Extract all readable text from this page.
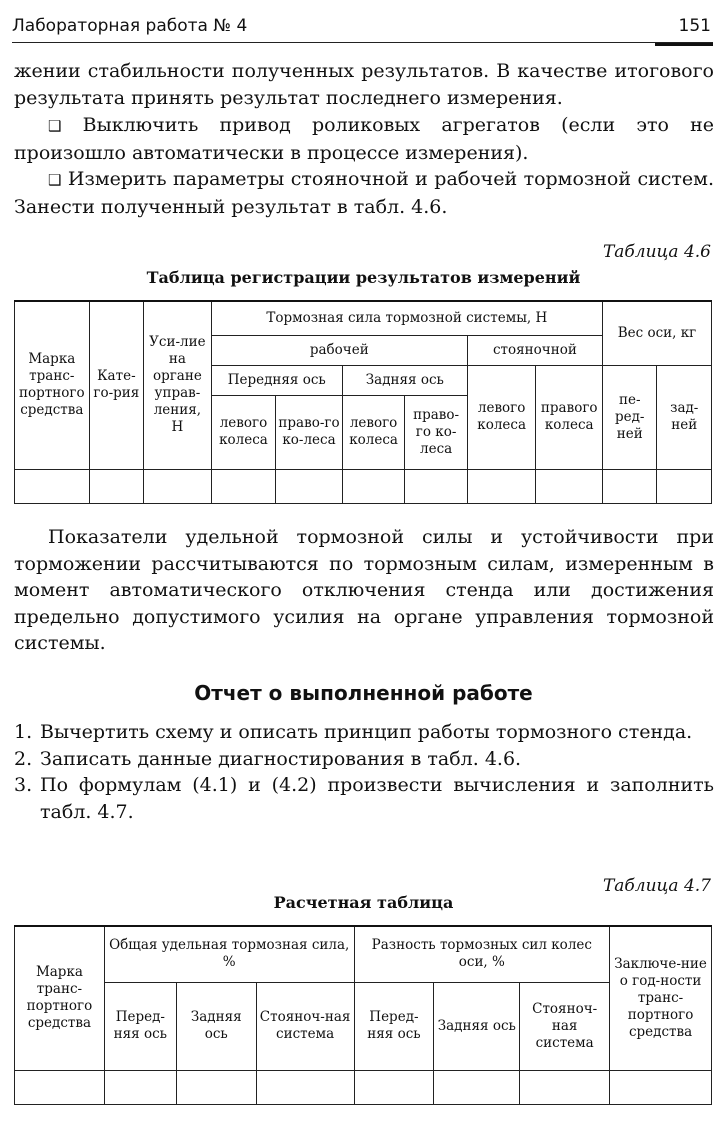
Лабораторная работа № 4	151

жении стабильности полученных результатов. В качестве итогового результата принять результат последнего измерения.

❑ Выключить привод роликовых агрегатов (если это не произошло автоматически в процессе измерения).

❑ Измерить параметры стояночной и рабочей тормозной систем. Занести полученный результат в табл. 4.6.

Таблица 4.6
Таблица регистрации результатов измерений
Марка транс-портного средства	Кате-го-рия	Уси-лие на органе управ-ления, Н	Тормозная сила тормозной системы, Н						Вес оси, кг	
			рабочей				стояночной			
			Передняя ось		Задняя ось		левого колеса	правого колеса	пе-ред-ней	зад-ней
			левого колеса	право-го ко-леса	левого колеса	право-го ко-леса				

Показатели удельной тормозной силы и устойчивости при торможении рассчитываются по тормозным силам, измеренным в момент автоматического отключения стенда или достижения предельно допустимого усилия на органе управления тормозной системы.

Отчет о выполненной работе
1. Вычертить схему и описать принцип работы тормозного стенда.
2. Записать данные диагностирования в табл. 4.6.
3. По формулам (4.1) и (4.2) произвести вычисления и заполнить табл. 4.7.
Таблица 4.7
Расчетная таблица
Марка транс-портного средства	Общая удельная тормозная сила, %			Разность тормозных сил колес оси, %			Заключе-ние о год-ности транс-портного средства
	Перед-няя ось	Задняя ось	Стояноч-ная система	Перед-няя ось	Задняя ось	Стояноч-ная система	
